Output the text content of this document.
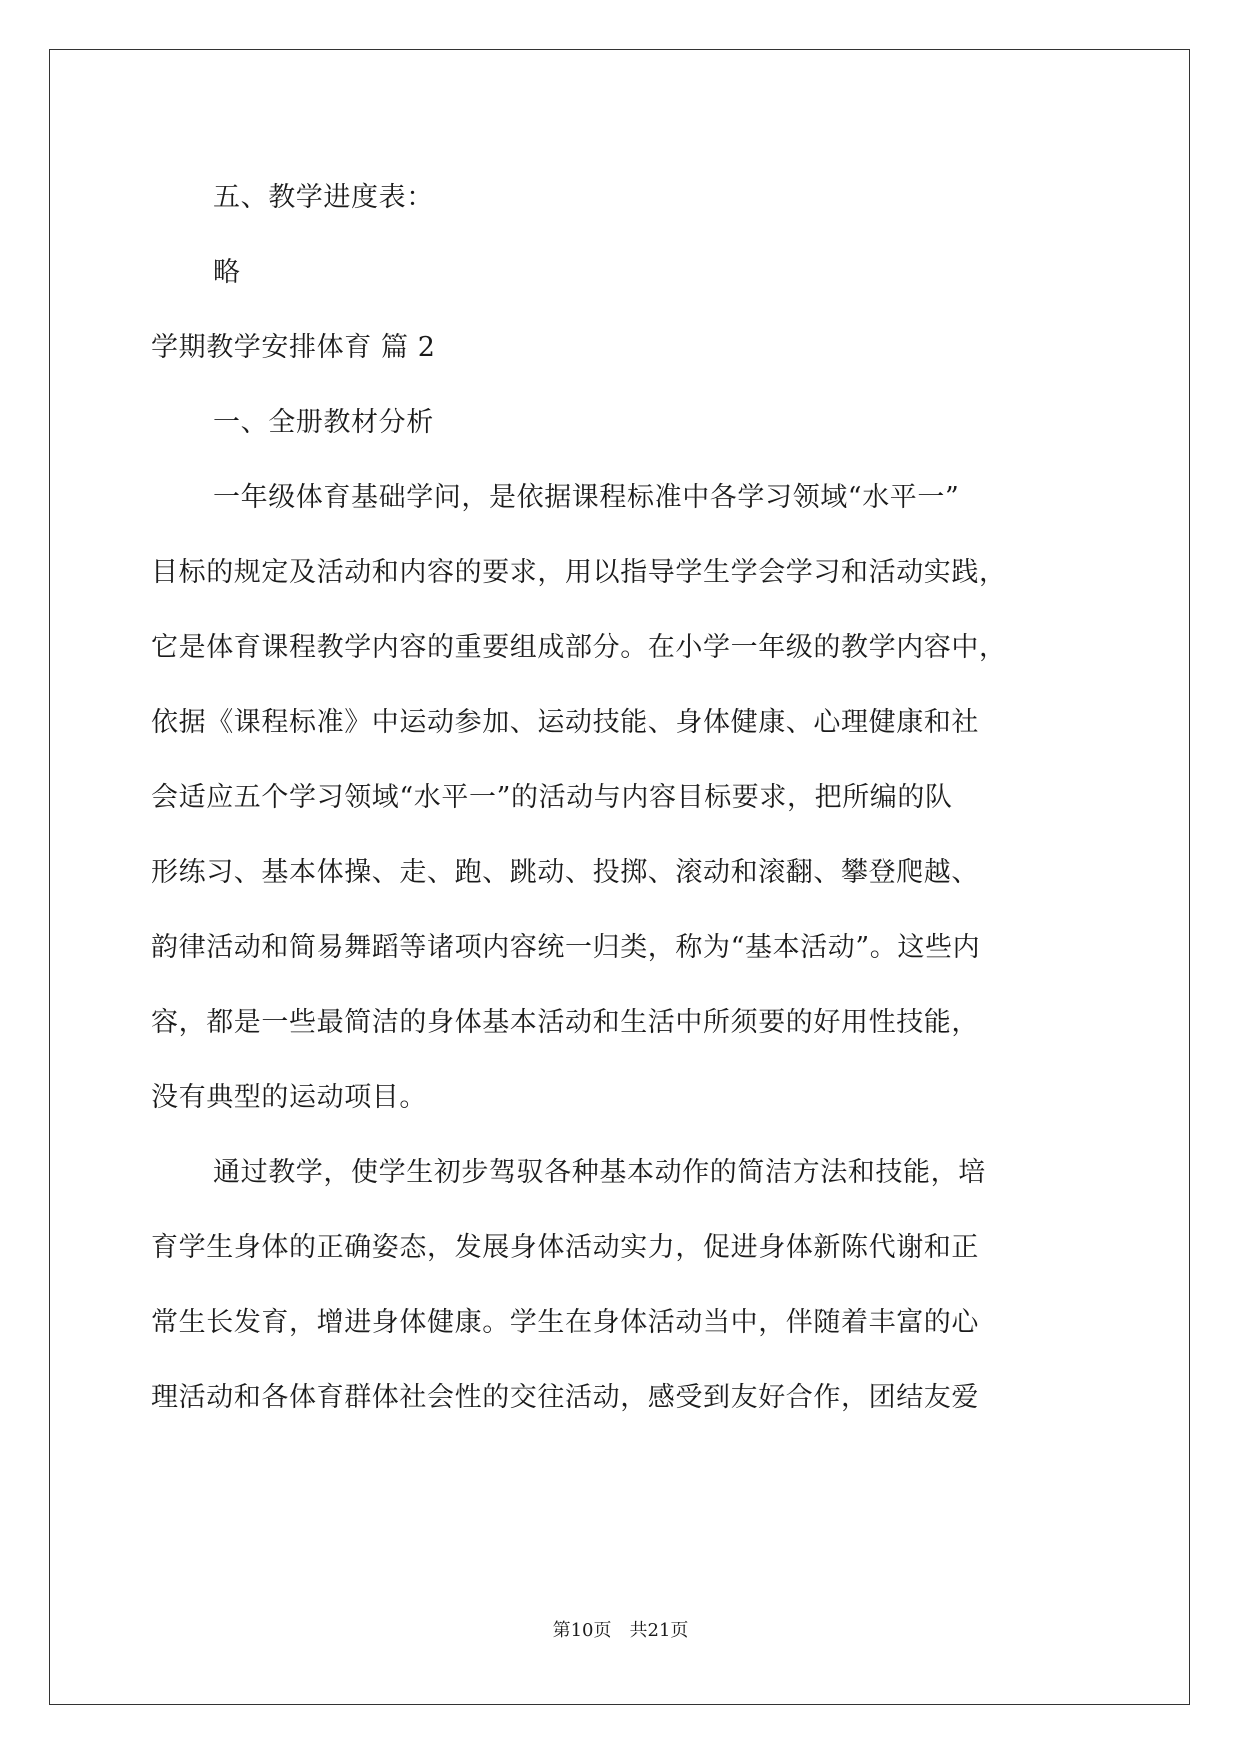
五、教学进度表：
略
学期教学安排体育 篇 2
一、全册教材分析
一年级体育基础学问，是依据课程标准中各学习领域“水平一”
目标的规定及活动和内容的要求，用以指导学生学会学习和活动实践，
它是体育课程教学内容的重要组成部分。在小学一年级的教学内容中，
依据《课程标准》中运动参加、运动技能、身体健康、心理健康和社
会适应五个学习领域“水平一”的活动与内容目标要求，把所编的队
形练习、基本体操、走、跑、跳动、投掷、滚动和滚翻、攀登爬越、
韵律活动和简易舞蹈等诸项内容统一归类，称为“基本活动”。这些内
容，都是一些最简洁的身体基本活动和生活中所须要的好用性技能，
没有典型的运动项目。
通过教学，使学生初步驾驭各种基本动作的简洁方法和技能，培
育学生身体的正确姿态，发展身体活动实力，促进身体新陈代谢和正
常生长发育，增进身体健康。学生在身体活动当中，伴随着丰富的心
理活动和各体育群体社会性的交往活动，感受到友好合作，团结友爱
第10页 共21页
